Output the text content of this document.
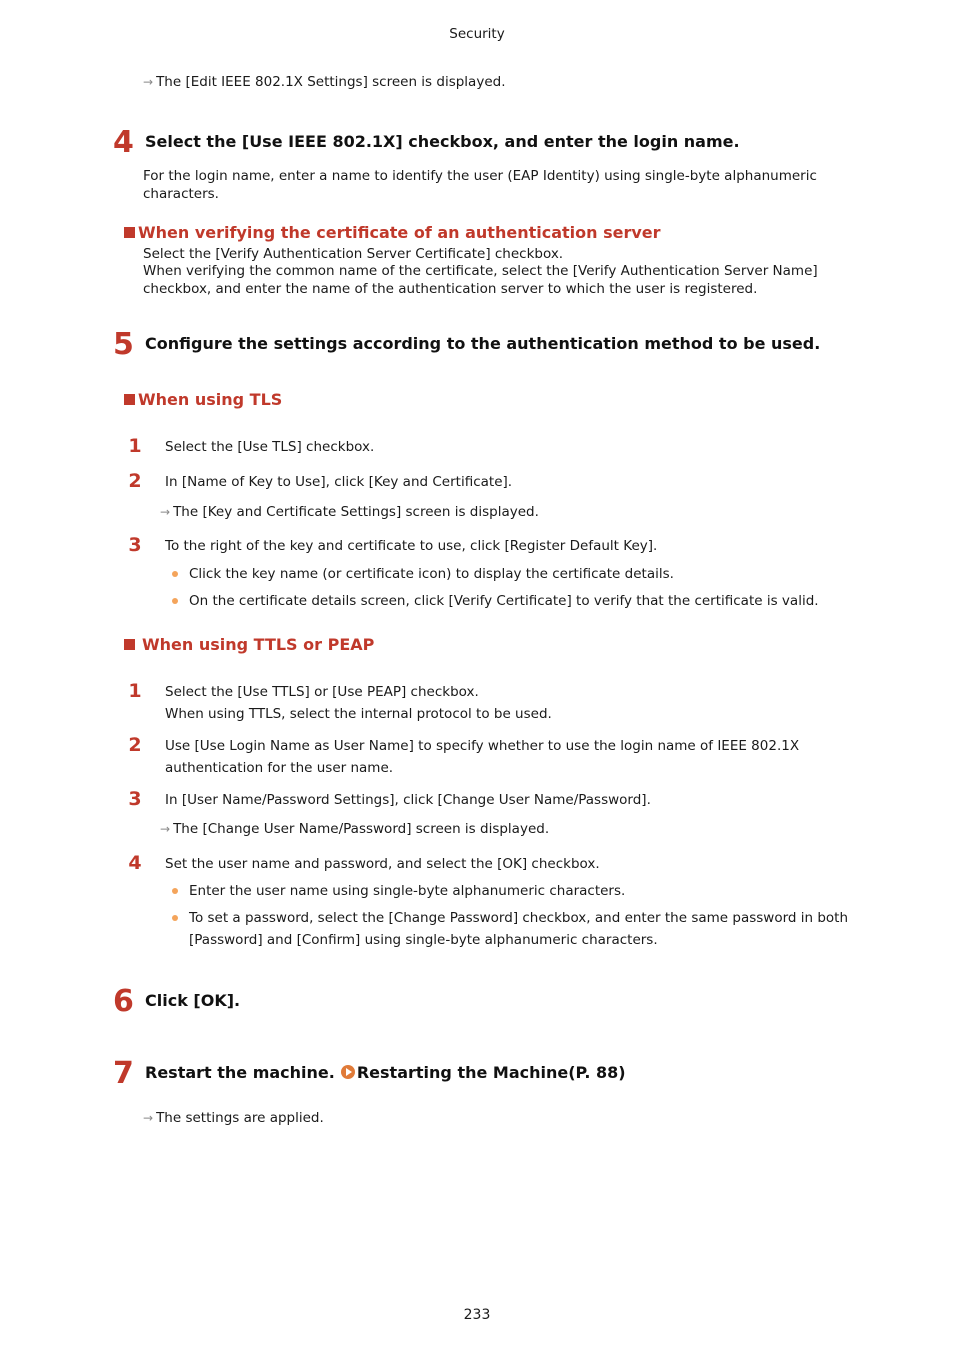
Security
→ The [Edit IEEE 802.1X Settings] screen is displayed.
4 Select the [Use IEEE 802.1X] checkbox, and enter the login name.
For the login name, enter a name to identify the user (EAP Identity) using single-byte alphanumeric characters.
When verifying the certificate of an authentication server
Select the [Verify Authentication Server Certificate] checkbox.
When verifying the common name of the certificate, select the [Verify Authentication Server Name] checkbox, and enter the name of the authentication server to which the user is registered.
5 Configure the settings according to the authentication method to be used.
When using TLS
1 Select the [Use TLS] checkbox.
2 In [Name of Key to Use], click [Key and Certificate].
→ The [Key and Certificate Settings] screen is displayed.
3 To the right of the key and certificate to use, click [Register Default Key].
Click the key name (or certificate icon) to display the certificate details.
On the certificate details screen, click [Verify Certificate] to verify that the certificate is valid.
When using TTLS or PEAP
1 Select the [Use TTLS] or [Use PEAP] checkbox.
When using TTLS, select the internal protocol to be used.
2 Use [Use Login Name as User Name] to specify whether to use the login name of IEEE 802.1X authentication for the user name.
3 In [User Name/Password Settings], click [Change User Name/Password].
→ The [Change User Name/Password] screen is displayed.
4 Set the user name and password, and select the [OK] checkbox.
Enter the user name using single-byte alphanumeric characters.
To set a password, select the [Change Password] checkbox, and enter the same password in both [Password] and [Confirm] using single-byte alphanumeric characters.
6 Click [OK].
7 Restart the machine. Restarting the Machine(P. 88)
→ The settings are applied.
233
